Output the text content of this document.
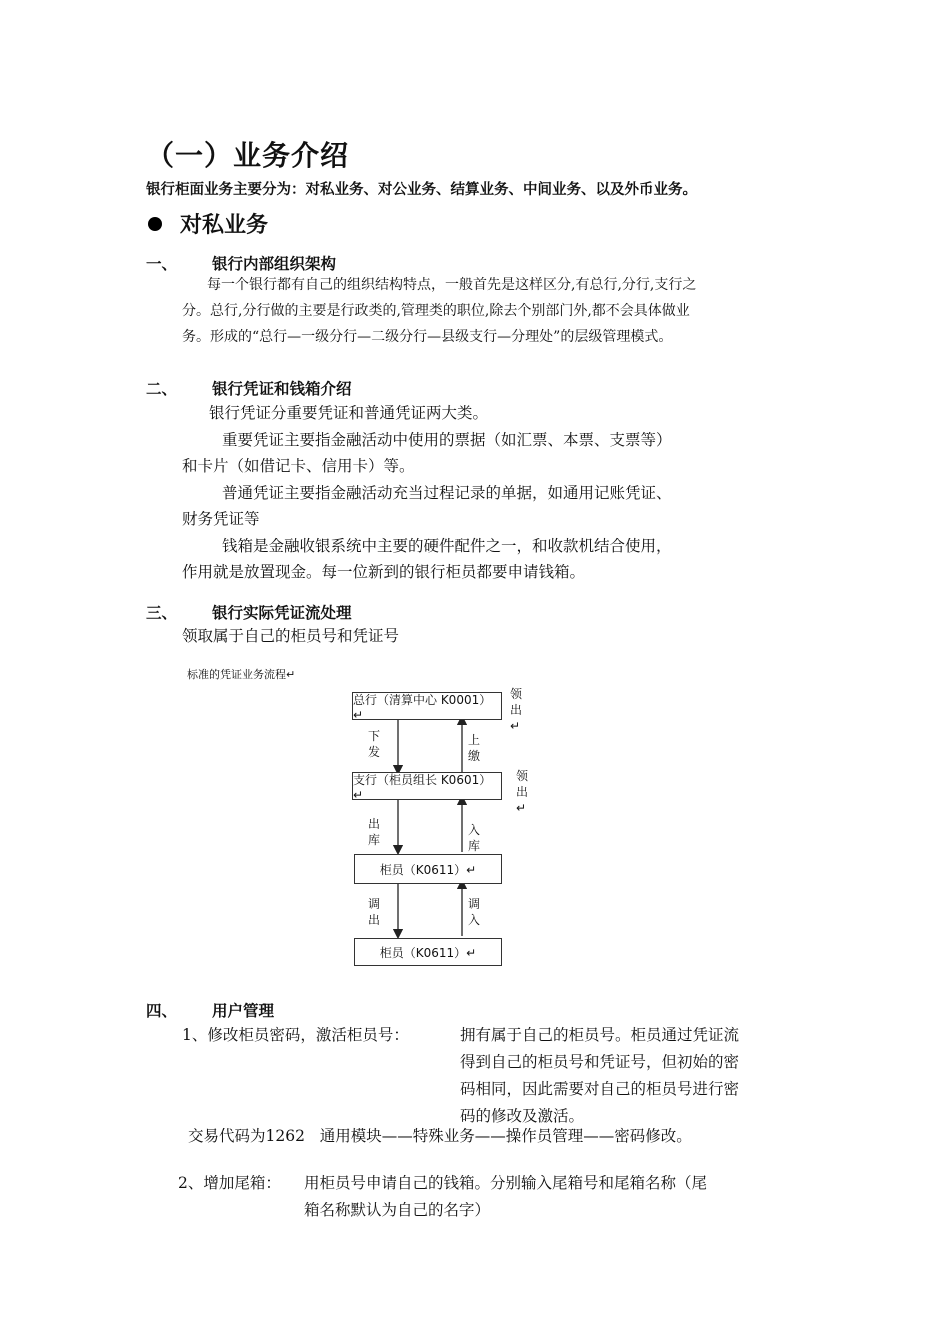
（一）业务介绍
银行柜面业务主要分为：对私业务、对公业务、结算业务、中间业务、以及外币业务。
对私业务
一、 银行内部组织架构
每一个银行都有自己的组织结构特点，一般首先是这样区分,有总行,分行,支行之
分。总行,分行做的主要是行政类的,管理类的职位,除去个别部门外,都不会具体做业
务。形成的“总行—一级分行—二级分行—县级支行—分理处”的层级管理模式。
二、 银行凭证和钱箱介绍
银行凭证分重要凭证和普通凭证两大类。
重要凭证主要指金融活动中使用的票据（如汇票、本票、支票等）
和卡片（如借记卡、信用卡）等。
普通凭证主要指金融活动充当过程记录的单据，如通用记账凭证、
财务凭证等
钱箱是金融收银系统中主要的硬件配件之一，和收款机结合使用，
作用就是放置现金。每一位新到的银行柜员都要申请钱箱。
三、 银行实际凭证流处理
领取属于自己的柜员号和凭证号
标准的凭证业务流程↵
总行（清算中心 K0001）↵
支行（柜员组长 K0601）↵
柜员（K0611）↵
柜员（K0611）↵
领出↵
领出↵
下发
出库
调出
上缴
入库
调入
四、 用户管理
1、修改柜员密码，激活柜员号：	拥有属于自己的柜员号。柜员通过凭证流
得到自己的柜员号和凭证号，但初始的密
码相同，因此需要对自己的柜员号进行密
码的修改及激活。
交易代码为1262   通用模块——特殊业务——操作员管理——密码修改。
2、增加尾箱： 用柜员号申请自己的钱箱。分别输入尾箱号和尾箱名称（尾
箱名称默认为自己的名字）
